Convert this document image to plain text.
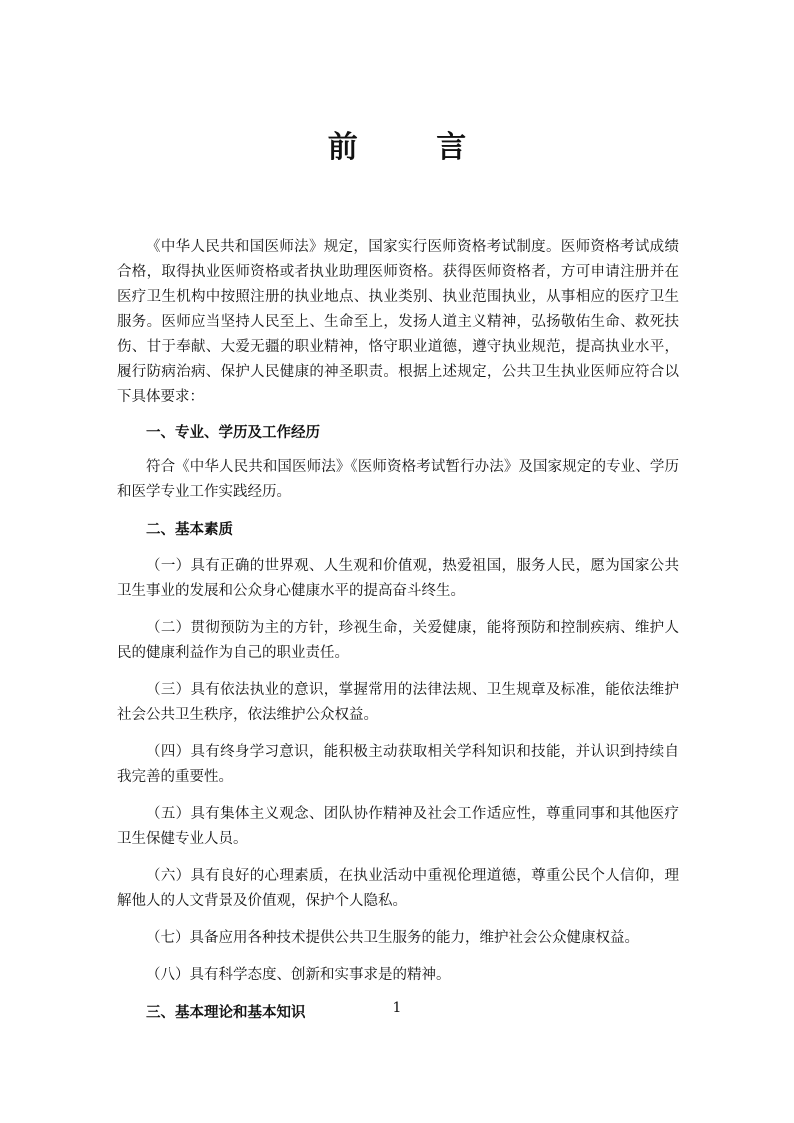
前 言

《中华人民共和国医师法》规定，国家实行医师资格考试制度。医师资格考试成绩合格，取得执业医师资格或者执业助理医师资格。获得医师资格者，方可申请注册并在医疗卫生机构中按照注册的执业地点、执业类别、执业范围执业，从事相应的医疗卫生服务。医师应当坚持人民至上、生命至上，发扬人道主义精神，弘扬敬佑生命、救死扶伤、甘于奉献、大爱无疆的职业精神，恪守职业道德，遵守执业规范，提高执业水平，履行防病治病、保护人民健康的神圣职责。根据上述规定，公共卫生执业医师应符合以下具体要求：

一、专业、学历及工作经历

符合《中华人民共和国医师法》《医师资格考试暂行办法》及国家规定的专业、学历和医学专业工作实践经历。

二、基本素质

（一）具有正确的世界观、人生观和价值观，热爱祖国，服务人民，愿为国家公共卫生事业的发展和公众身心健康水平的提高奋斗终生。

（二）贯彻预防为主的方针，珍视生命，关爱健康，能将预防和控制疾病、维护人民的健康利益作为自己的职业责任。

（三）具有依法执业的意识，掌握常用的法律法规、卫生规章及标准，能依法维护社会公共卫生秩序，依法维护公众权益。

（四）具有终身学习意识，能积极主动获取相关学科知识和技能，并认识到持续自我完善的重要性。

（五）具有集体主义观念、团队协作精神及社会工作适应性，尊重同事和其他医疗卫生保健专业人员。

（六）具有良好的心理素质，在执业活动中重视伦理道德，尊重公民个人信仰，理解他人的人文背景及价值观，保护个人隐私。

（七）具备应用各种技术提供公共卫生服务的能力，维护社会公众健康权益。

（八）具有科学态度、创新和实事求是的精神。

三、基本理论和基本知识	1
